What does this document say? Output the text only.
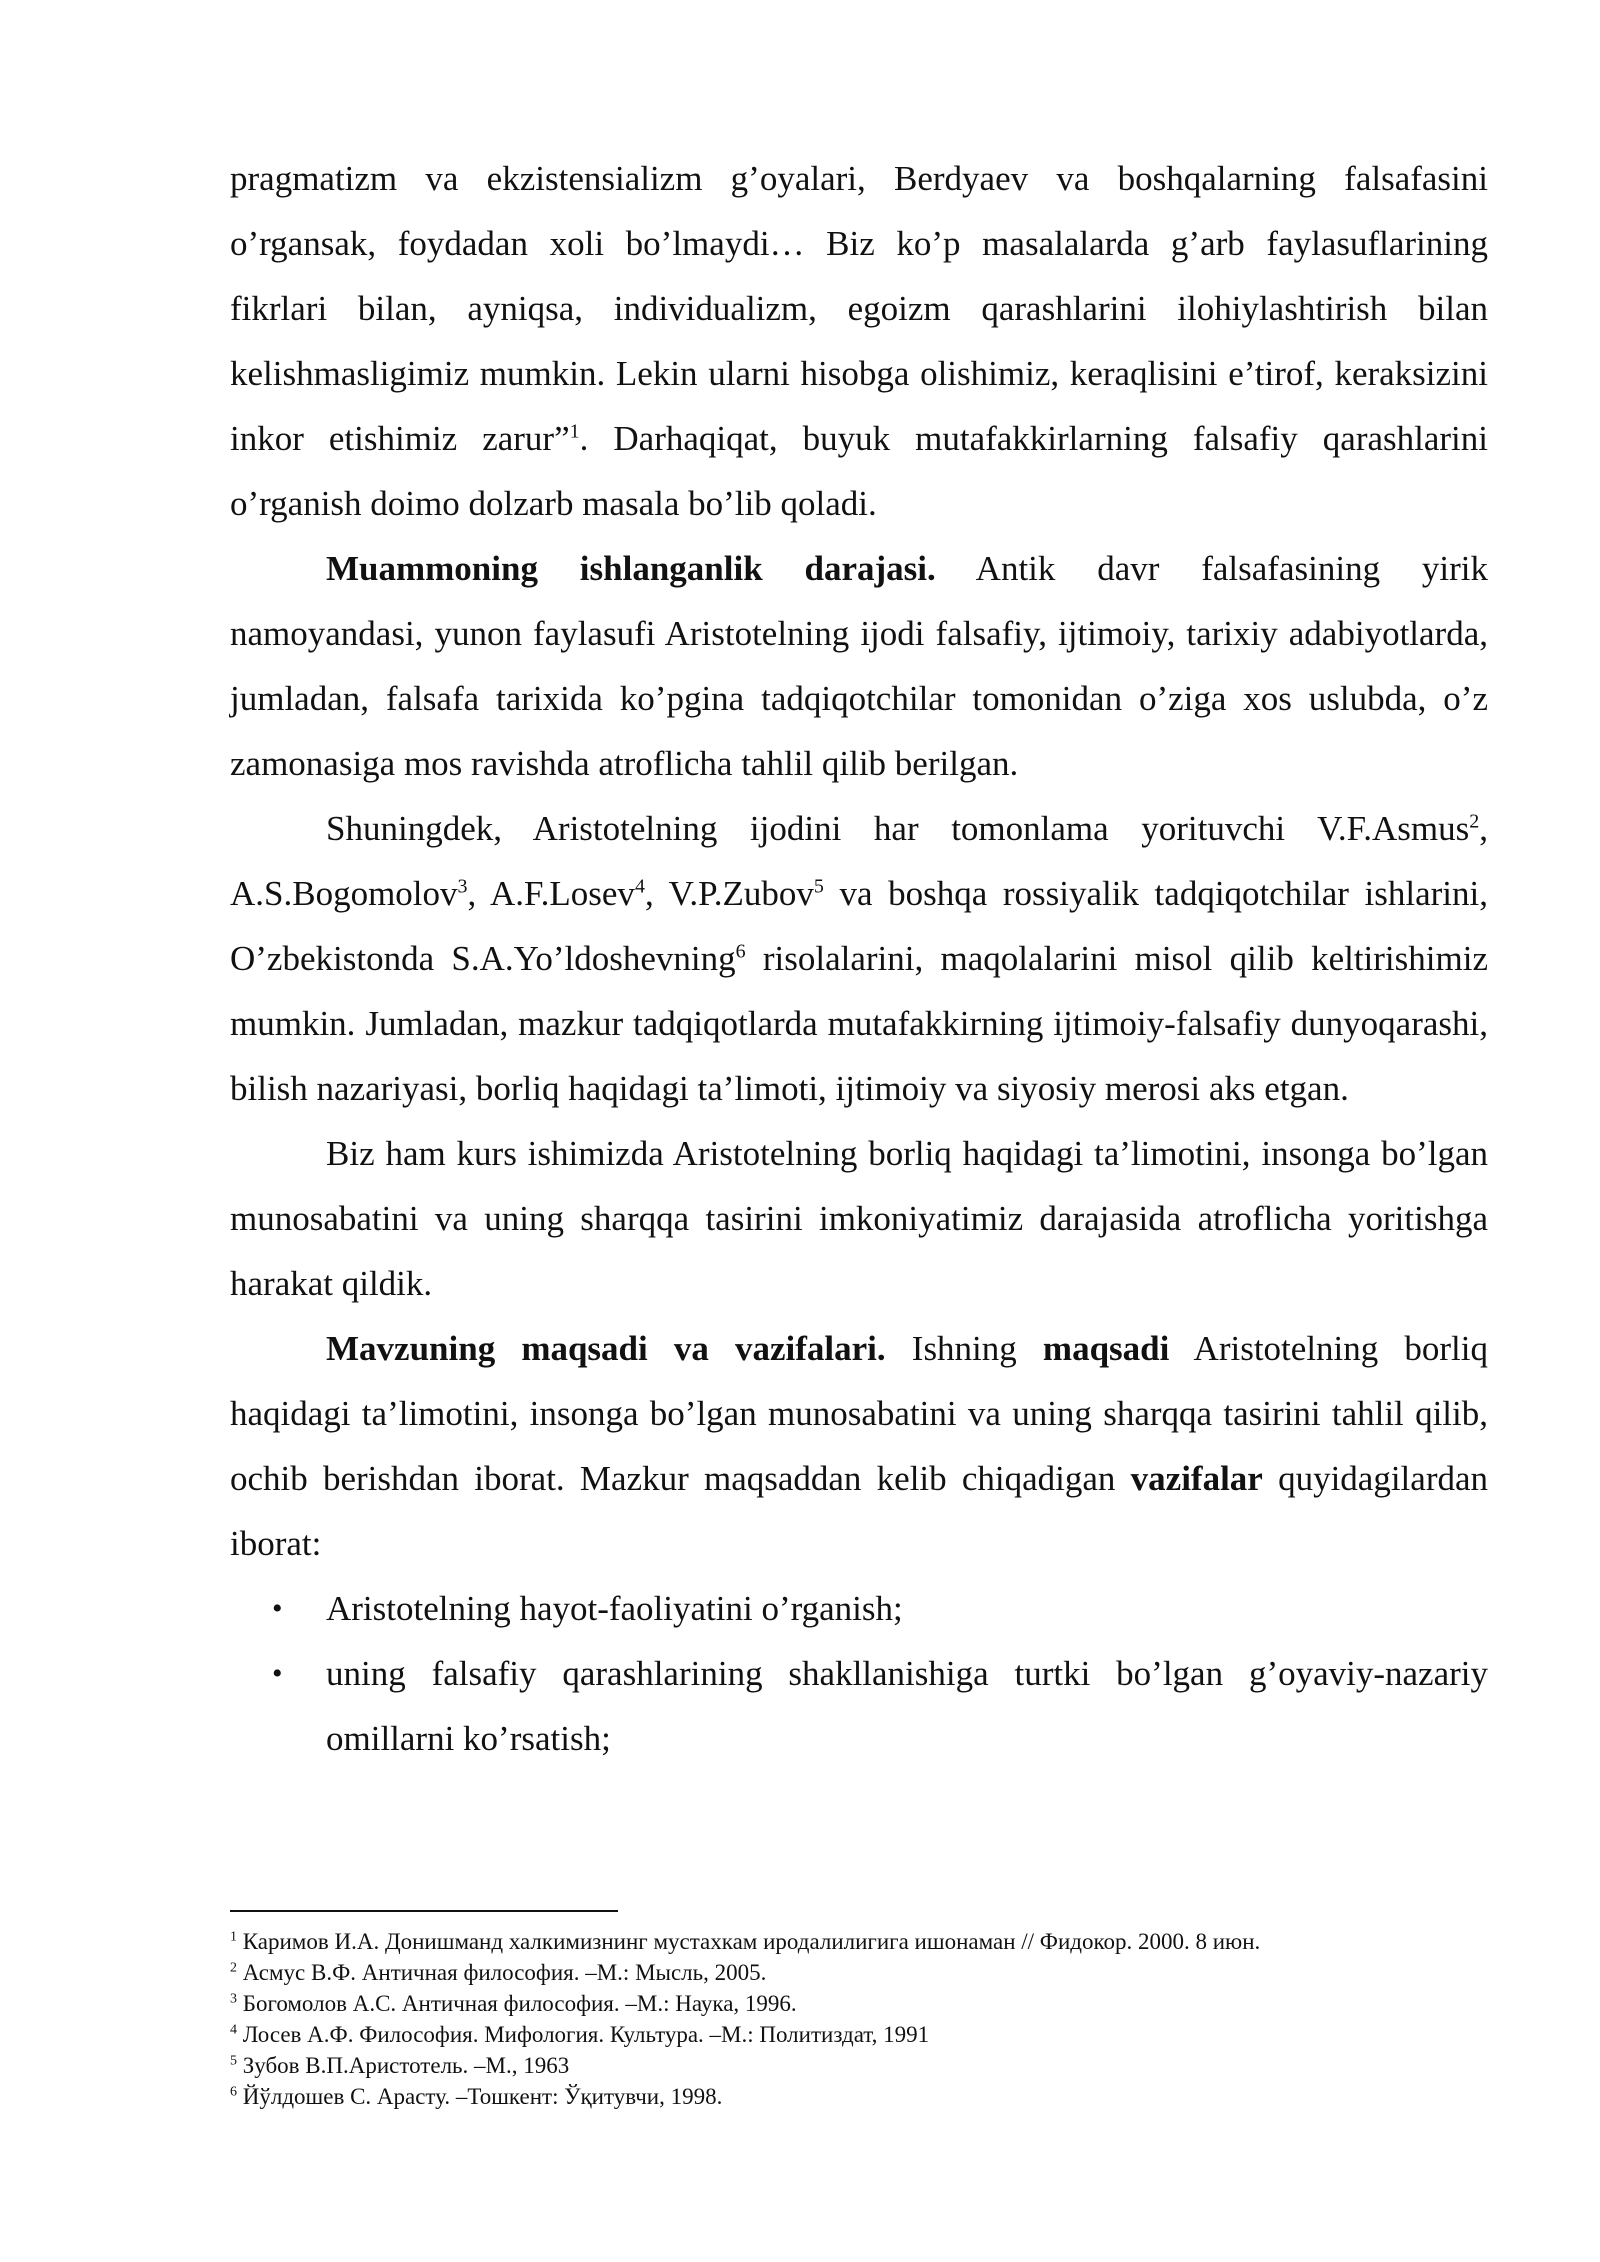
pragmatizm va ekzistensializm g’oyalari, Berdyaev va boshqalarning falsafasini o’rgansak, foydadan xoli bo’lmaydi… Biz ko’p masalalarda g’arb faylasuflarining fikrlari bilan, ayniqsa, individualizm, egoizm qarashlarini ilohiylashtirish bilan kelishmasligimiz mumkin. Lekin ularni hisobga olishimiz, keraqlisini e’tirof, keraksizini inkor etishimiz zarur”$^1$. Darhaqiqat, buyuk mutafakkirlarning falsafiy qarashlarini o’rganish doimo dolzarb masala bo’lib qoladi.

Muammoning ishlanganlik darajasi. Antik davr falsafasining yirik namoyandasi, yunon faylasufi Aristotelning ijodi falsafiy, ijtimoiy, tarixiy adabiyotlarda, jumladan, falsafa tarixida ko’pgina tadqiqotchilar tomonidan o’ziga xos uslubda, o’z zamonasiga mos ravishda atroflicha tahlil qilib berilgan.

Shuningdek, Aristotelning ijodini har tomonlama yorituvchi V.F.Asmus$^2$, A.S.Bogomolov$^3$, A.F.Losev$^4$, V.P.Zubov$^5$ va boshqa rossiyalik tadqiqotchilar ishlarini, O’zbekistonda S.A.Yo’ldoshevning$^6$ risolalarini, maqolalarini misol qilib keltirishimiz mumkin. Jumladan, mazkur tadqiqotlarda mutafakkirning ijtimoiy-falsafiy dunyoqarashi, bilish nazariyasi, borliq haqidagi ta’limoti, ijtimoiy va siyosiy merosi aks etgan.

Biz ham kurs ishimizda Aristotelning borliq haqidagi ta’limotini, insonga bo’lgan munosabatini va uning sharqqa tasirini imkoniyatimiz darajasida atroflicha yoritishga harakat qildik.

Mavzuning maqsadi va vazifalari. Ishning maqsadi Aristotelning borliq haqidagi ta’limotini, insonga bo’lgan munosabatini va uning sharqqa tasirini tahlil qilib, ochib berishdan iborat. Mazkur maqsaddan kelib chiqadigan vazifalar quyidagilardan iborat:

• Aristotelning hayot-faoliyatini o’rganish;
• uning falsafiy qarashlarining shakllanishiga turtki bo’lgan g’oyaviy-nazariy omillarni ko’rsatish;
$^1$ Каримов И.А. Донишманд халкимизнинг мустахкам иродалилигига ишонаман // Фидокор. 2000. 8 июн.
$^2$ Асмус В.Ф. Античная философия. –М.: Мысль, 2005.
$^3$ Богомолов А.С. Античная философия. –М.: Наука, 1996.
$^4$ Лосев А.Ф. Философия. Мифология. Культура. –М.: Политиздат, 1991
$^5$ Зубов В.П.Аристотель. –М., 1963
$^6$ Йўлдошев С. Арасту. –Тошкент: Ўқитувчи, 1998.
